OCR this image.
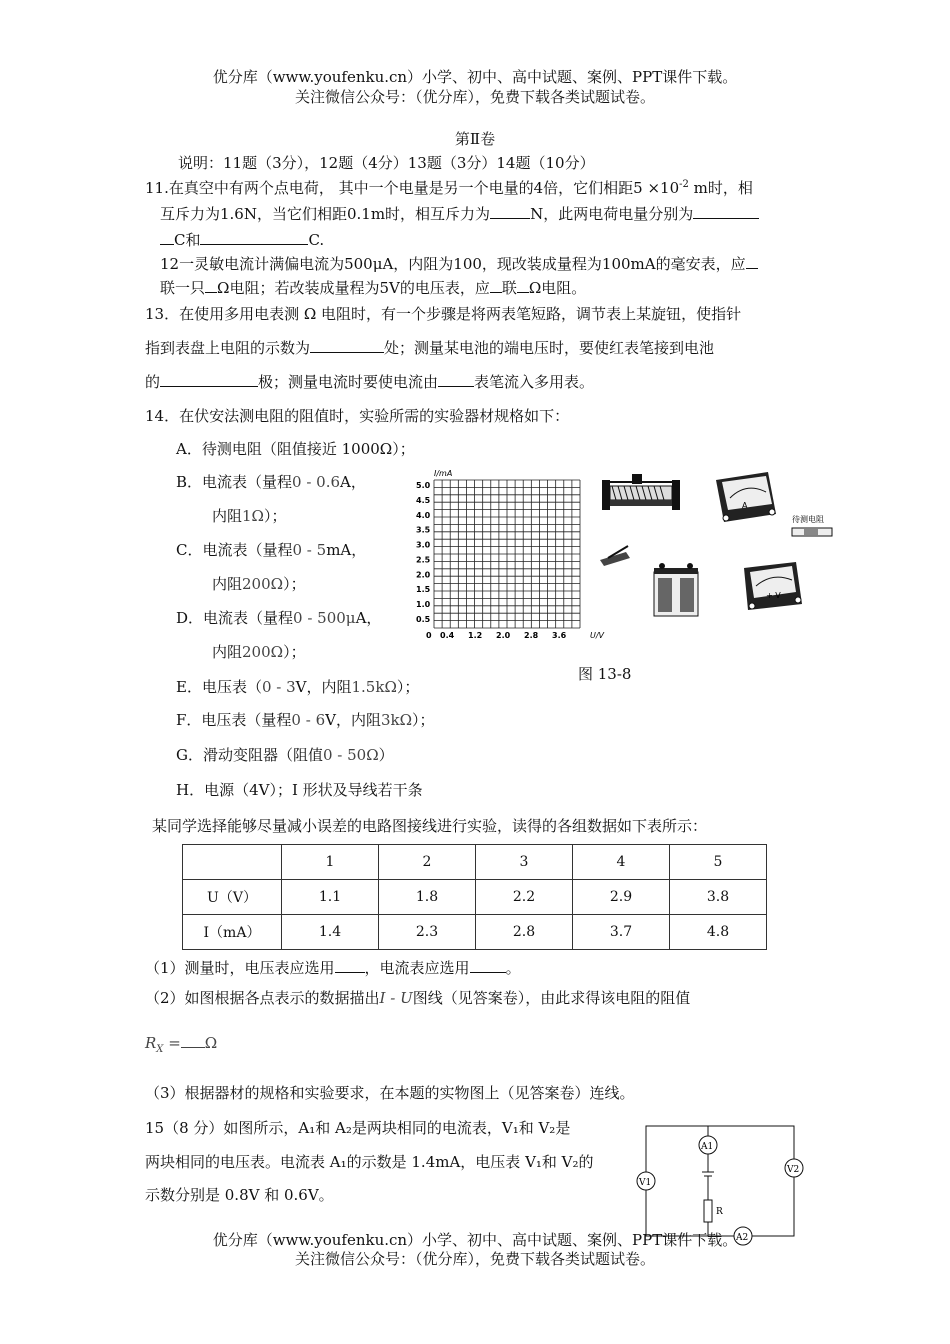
优分库（www.youfenku.cn）小学、初中、高中试题、案例、PPT课件下载。
关注微信公众号：（优分库），免费下载各类试题试卷。
第Ⅱ卷
说明：11题（3分），12题（4分）13题（3分）14题（10分）
11.在真空中有两个点电荷， 其中一个电量是另一个电量的4倍，它们相距$5 \times 10^{-2}$ m时，相
互斥力为1.6N，当它们相距0.1m时，相互斥力为	N，此两电荷电量分别为
C和	C.
12一灵敏电流计满偏电流为500μA，内阻为100，现改装成量程为100mA的毫安表，应
联一只 Ω电阻；若改装成量程为5V的电压表，应 联 Ω电阻。
13．在使用多用电表测 Ω 电阻时，有一个步骤是将两表笔短路，调节表上某旋钮，使指针
指到表盘上电阻的示数为	处；测量某电池的端电压时，要使红表笔接到电池
的	极；测量电流时要使电流由 表笔流入多用表。
14．在伏安法测电阻的阻值时，实验所需的实验器材规格如下：
A．待测电阻（阻值接近 1000Ω）；
B．电流表（量程0 - 0.6A，
内阻1Ω）；
C．电流表（量程0 - 5mA，
内阻200Ω）；
D．电流表（量程0 - 500μA，
内阻200Ω）；
E．电压表（0 - 3V，内阻1.5kΩ）；
F．电压表（量程0 - 6V，内阻3kΩ）；
G．滑动变阻器（阻值0 - 50Ω）
H．电源（4V）；I 形状及导线若干条
I/mA
5.0
4.5
4.0
3.5
3.0
2.5
2.0
1.5
1.0
0.5
0 0.4 1.2 2.0 2.8 3.6	U/V
A
待测电阻
+ V
图 13-8
某同学选择能够尽量减小误差的电路图接线进行实验，读得的各组数据如下表所示：
	1	2	3	4	5
U（V）	1.1	1.8	2.2	2.9	3.8
I（mA）	1.4	2.3	2.8	3.7	4.8
（1）测量时，电压表应选用 ，电流表应选用 。
（2）如图根据各点表示的数据描出I - U图线（见答案卷），由此求得该电阻的阻值
$R_X = \Omega$
（3）根据器材的规格和实验要求，在本题的实物图上（见答案卷）连线。
15（8 分）如图所示，A₁和 A₂是两块相同的电流表，V₁和 V₂是
两块相同的电压表。电流表 A₁的示数是 1.4mA，电压表 V₁和 V₂的
示数分别是 0.8V 和 0.6V。
A1
V1
V2
A2
R
优分库（www.youfenku.cn）小学、初中、高中试题、案例、PPT课件下载。
关注微信公众号：（优分库），免费下载各类试题试卷。
